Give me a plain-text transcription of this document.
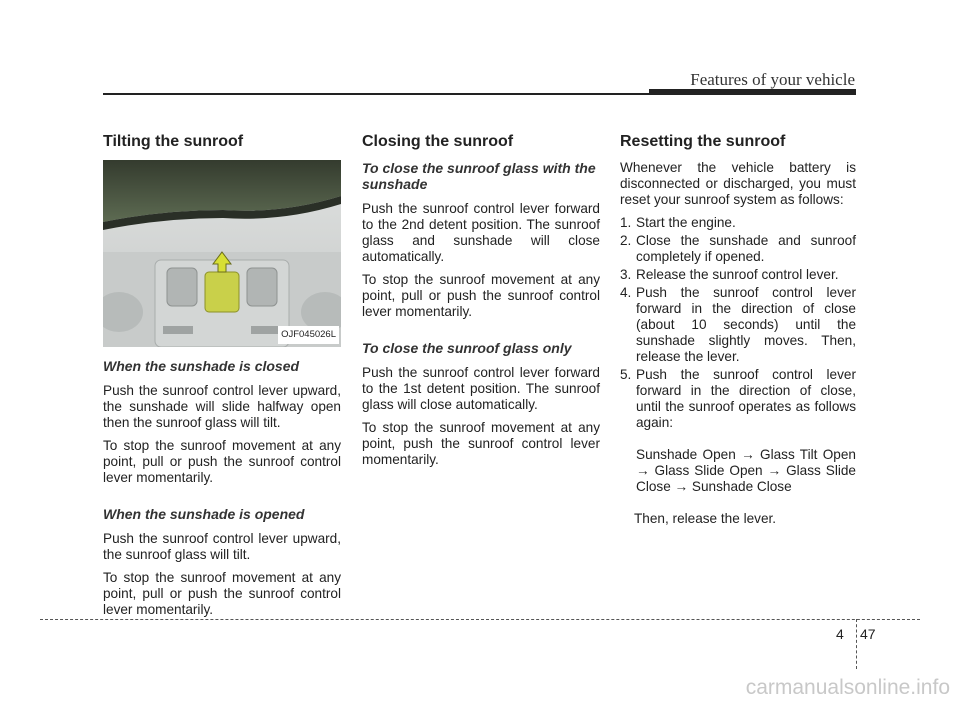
Features of your vehicle
Tilting the sunroof
OJF045026L
When the sunshade is closed

Push the sunroof control lever upward, the sunshade will slide halfway open then the sunroof glass will tilt.

To stop the sunroof movement at any point, pull or push the sunroof control lever momentarily.

When the sunshade is opened

Push the sunroof control lever upward, the sunroof glass will tilt.

To stop the sunroof movement at any point, pull or push the sunroof control lever momentarily.

Closing the sunroof
To close the sunroof glass with the sunshade

Push the sunroof control lever forward to the 2nd detent position. The sunroof glass and sunshade will close automatically.

To stop the sunroof movement at any point, pull or push the sunroof control lever momentarily.

To close the sunroof glass only

Push the sunroof control lever forward to the 1st detent position. The sunroof glass will close automatically.

To stop the sunroof movement at any point, push the sunroof control lever momentarily.

Resetting the sunroof

Whenever the vehicle battery is disconnected or discharged, you must reset your sunroof system as follows:

1. Start the engine.
2. Close the sunshade and sunroof completely if opened.
3. Release the sunroof control lever.
4. Push the sunroof control lever forward in the direction of close (about 10 seconds) until the sunshade slightly moves. Then, release the lever.
5. Push the sunroof control lever forward in the direction of close, until the sunroof operates as follows again:

Sunshade Open → Glass Tilt Open → Glass Slide Open → Glass Slide Close → Sunshade Close

Then, release the lever.

4 47
carmanualsonline.info
